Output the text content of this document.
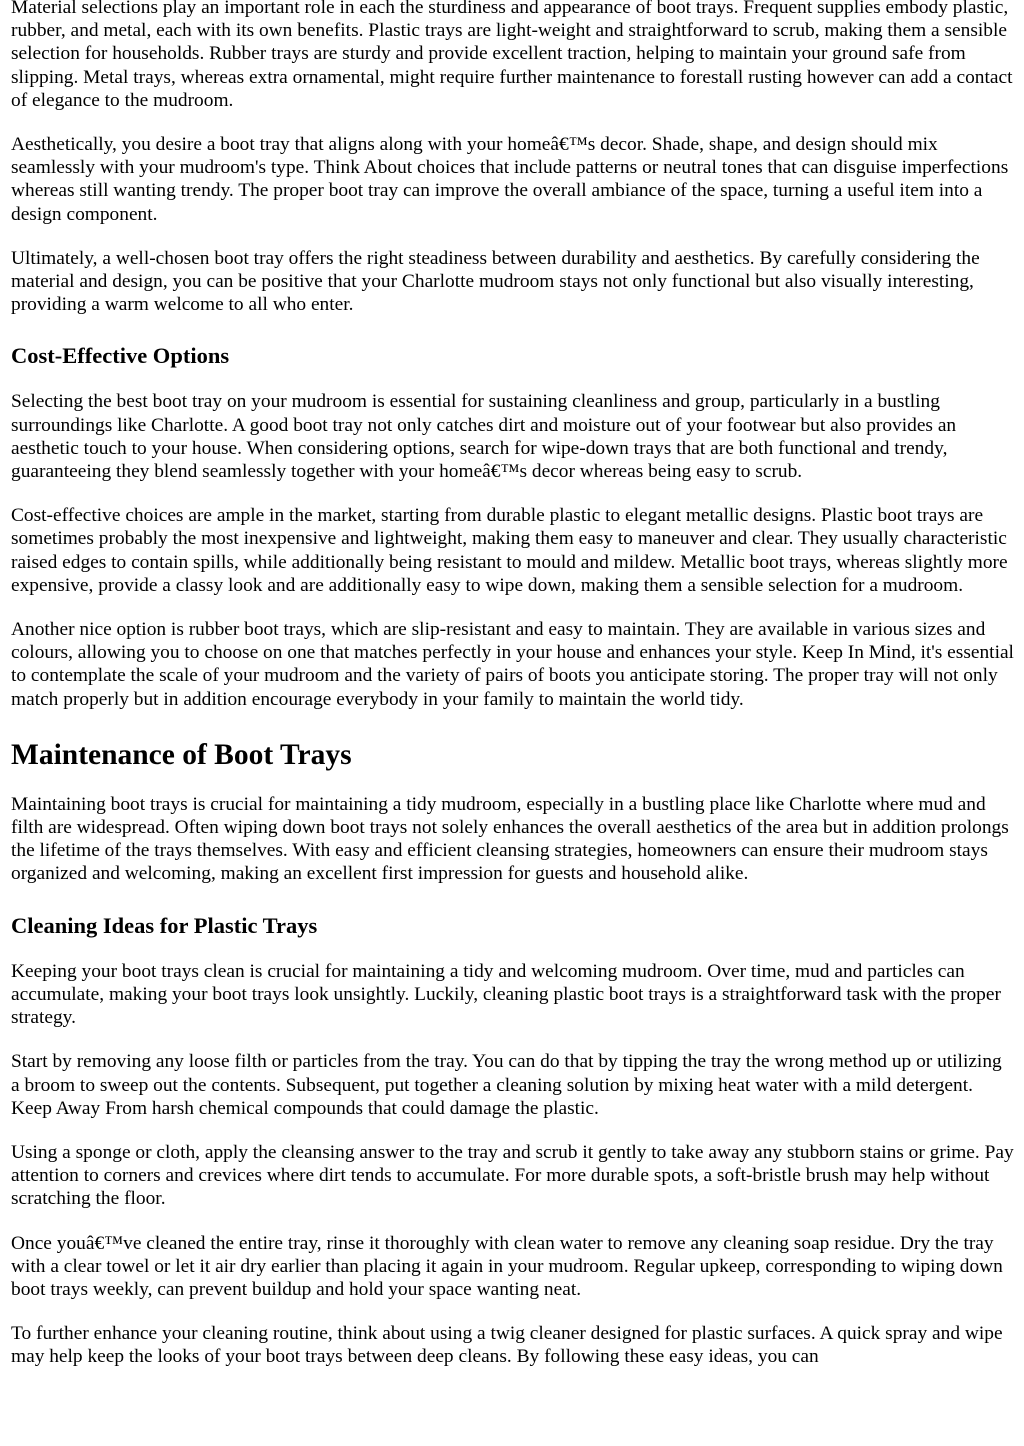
Material selections play an important role in each the sturdiness and appearance of boot trays. Frequent supplies embody plastic, rubber, and metal, each with its own benefits. Plastic trays are light-weight and straightforward to scrub, making them a sensible selection for households. Rubber trays are sturdy and provide excellent traction, helping to maintain your ground safe from slipping. Metal trays, whereas extra ornamental, might require further maintenance to forestall rusting however can add a contact of elegance to the mudroom.

Aesthetically, you desire a boot tray that aligns along with your homeâ€™s decor. Shade, shape, and design should mix seamlessly with your mudroom's type. Think About choices that include patterns or neutral tones that can disguise imperfections whereas still wanting trendy. The proper boot tray can improve the overall ambiance of the space, turning a useful item into a design component.

Ultimately, a well-chosen boot tray offers the right steadiness between durability and aesthetics. By carefully considering the material and design, you can be positive that your Charlotte mudroom stays not only functional but also visually interesting, providing a warm welcome to all who enter.

Cost-Effective Options

Selecting the best boot tray on your mudroom is essential for sustaining cleanliness and group, particularly in a bustling surroundings like Charlotte. A good boot tray not only catches dirt and moisture out of your footwear but also provides an aesthetic touch to your house. When considering options, search for wipe-down trays that are both functional and trendy, guaranteeing they blend seamlessly together with your homeâ€™s decor whereas being easy to scrub.

Cost-effective choices are ample in the market, starting from durable plastic to elegant metallic designs. Plastic boot trays are sometimes probably the most inexpensive and lightweight, making them easy to maneuver and clear. They usually characteristic raised edges to contain spills, while additionally being resistant to mould and mildew. Metallic boot trays, whereas slightly more expensive, provide a classy look and are additionally easy to wipe down, making them a sensible selection for a mudroom.

Another nice option is rubber boot trays, which are slip-resistant and easy to maintain. They are available in various sizes and colours, allowing you to choose on one that matches perfectly in your house and enhances your style. Keep In Mind, it's essential to contemplate the scale of your mudroom and the variety of pairs of boots you anticipate storing. The proper tray will not only match properly but in addition encourage everybody in your family to maintain the world tidy.

Maintenance of Boot Trays

Maintaining boot trays is crucial for maintaining a tidy mudroom, especially in a bustling place like Charlotte where mud and filth are widespread. Often wiping down boot trays not solely enhances the overall aesthetics of the area but in addition prolongs the lifetime of the trays themselves. With easy and efficient cleansing strategies, homeowners can ensure their mudroom stays organized and welcoming, making an excellent first impression for guests and household alike.

Cleaning Ideas for Plastic Trays

Keeping your boot trays clean is crucial for maintaining a tidy and welcoming mudroom. Over time, mud and particles can accumulate, making your boot trays look unsightly. Luckily, cleaning plastic boot trays is a straightforward task with the proper strategy.

Start by removing any loose filth or particles from the tray. You can do that by tipping the tray the wrong method up or utilizing a broom to sweep out the contents. Subsequent, put together a cleaning solution by mixing heat water with a mild detergent. Keep Away From harsh chemical compounds that could damage the plastic.

Using a sponge or cloth, apply the cleansing answer to the tray and scrub it gently to take away any stubborn stains or grime. Pay attention to corners and crevices where dirt tends to accumulate. For more durable spots, a soft-bristle brush may help without scratching the floor.

Once youâ€™ve cleaned the entire tray, rinse it thoroughly with clean water to remove any cleaning soap residue. Dry the tray with a clear towel or let it air dry earlier than placing it again in your mudroom. Regular upkeep, corresponding to wiping down boot trays weekly, can prevent buildup and hold your space wanting neat.

To further enhance your cleaning routine, think about using a twig cleaner designed for plastic surfaces. A quick spray and wipe may help keep the looks of your boot trays between deep cleans. By following these easy ideas, you can
